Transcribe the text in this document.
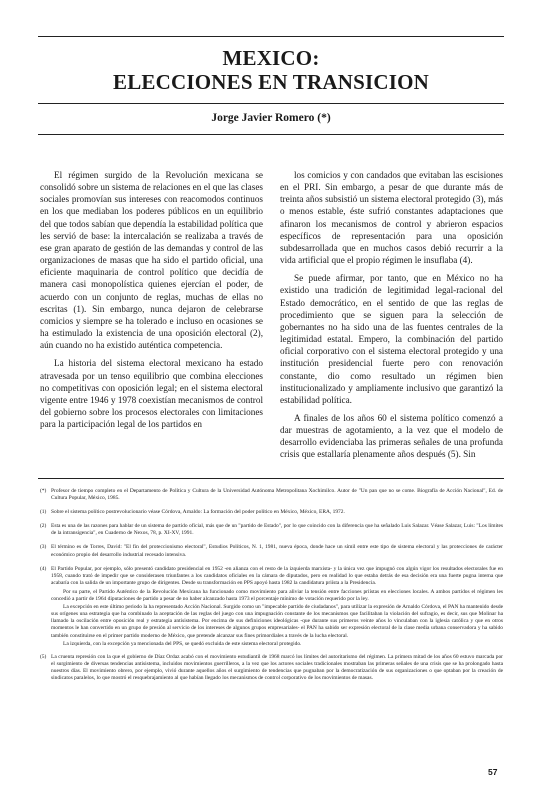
MEXICO:
ELECCIONES EN TRANSICION
Jorge Javier Romero (*)

El régimen surgido de la Revolución mexicana se consolidó sobre un sistema de relaciones en el que las clases sociales promovían sus intereses con reacomodos continuos en los que mediaban los poderes públicos en un equilibrio del que todos sabían que dependía la estabilidad política que les servió de base: la intercalación se realizaba a través de ese gran aparato de gestión de las demandas y control de las organizaciones de masas que ha sido el partido oficial, una eficiente maquinaria de control político que decidía de manera casi monopolística quienes ejercían el poder, de acuerdo con un conjunto de reglas, muchas de ellas no escritas (1). Sin embargo, nunca dejaron de celebrarse comicios y siempre se ha tolerado e incluso en ocasiones se ha estimulado la existencia de una oposición electoral (2), aún cuando no ha existido auténtica competencia.

La historia del sistema electoral mexicano ha estado atravesada por un tenso equilibrio que combina elecciones no competitivas con oposición legal; en el sistema electoral vigente entre 1946 y 1978 coexistían mecanismos de control del gobierno sobre los procesos electorales con limitaciones para la participación legal de los partidos en

los comicios y con candados que evitaban las escisiones en el PRI. Sin embargo, a pesar de que durante más de treinta años subsistió un sistema electoral protegido (3), más o menos estable, éste sufrió constantes adaptaciones que afinaron los mecanismos de control y abrieron espacios específicos de representación para una oposición subdesarrollada que en muchos casos debió recurrir a la vida artificial que el propio régimen le insuflaba (4).

Se puede afirmar, por tanto, que en México no ha existido una tradición de legitimidad legal-racional del Estado democrático, en el sentido de que las reglas de procedimiento que se siguen para la selección de gobernantes no ha sido una de las fuentes centrales de la legitimidad estatal. Empero, la combinación del partido oficial corporativo con el sistema electoral protegido y una institución presidencial fuerte pero con renovación constante, dio como resultado un régimen bien institucionalizado y ampliamente inclusivo que garantizó la estabilidad política.

A finales de los años 60 el sistema político comenzó a dar muestras de agotamiento, a la vez que el modelo de desarrollo evidenciaba las primeras señales de una profunda crisis que estallaría plenamente años después (5). Sin

(*) Profesor de tiempo completo en el Departamento de Política y Cultura de la Universidad Autónoma Metropolitana Xochimilco. Autor de "Un pan que no se come. Biografía de Acción Nacional", Ed. de Cultura Popular, México, 1985.

(1) Sobre el sistema político postrevolucionario véase Córdova, Arnaldo: La formación del poder político en México, México, ERA, 1972.

(2) Esta es una de las razones para hablar de un sistema de partido oficial, más que de un "partido de Estado", por lo que coincido con la diferencia que ha señalado Luis Salazar. Véase Salazar, Luis: "Los límites de la intransigencia", en Cuaderno de Nexos, 78, p. XI-XV, 1991.

(3) El término es de Torres, David: "El fin del proteccionismo electoral", Estudios Políticos, N. 1, 1981, nueva época, donde hace un símil entre este tipo de sistema electoral y las protecciones de carácter económico propio del desarrollo industrial recesado intensiva.

(4) El Partido Popular, por ejemplo, sólo presentó candidato presidencial en 1952 -en alianza con el resto de la izquierda marxista- y la única vez que impugnó con algún vigor los resultados electorales fue en 1958, cuando trató de impedir que se considerasen triunfantes a los candidatos oficiales en la cámara de diputados, pero en realidad lo que estaba detrás de esa decisión era una fuerte pugna interna que acabaría con la salida de un importante grupo de dirigentes. Desde su transformación en PPS apoyó hasta 1982 la candidatura priísta a la Presidencia.

Por su parte, el Partido Auténtico de la Revolución Mexicana ha funcionado como movimiento para aliviar la tensión entre facciones priístas en elecciones locales. A ambos partidos el régimen les concedió a partir de 1964 diputaciones de partido a pesar de no haber alcanzado hasta 1973 el porcentaje mínimo de votación requerido por la ley.

La excepción en este último periodo la ha representado Acción Nacional. Surgido como un "impecable partido de ciudadanos", para utilizar la expresión de Arnaldo Córdova, el PAN ha mantenido desde sus orígenes una estrategia que ha combinado la aceptación de las reglas del juego con una impugnación constante de los mecanismos que facilitaban la violación del sufragio, es decir, sus que Molinar ha llamado la oscilación entre oposición real y estrategia antisistema. Por encima de sus definiciones ideológicas -que durante sus primeros veinte años lo vinculaban con la iglesia católica y que en otros momentos le han convertido en un grupo de presión al servicio de los intereses de algunos grupos empresariales- el PAN ha sabido ser expresión electoral de la clase media urbana conservadora y ha sabido también constituirse en el primer partido moderno de México, que pretende alcanzar sus fines primordiales a través de la lucha electoral.

La izquierda, con la excepción ya mencionada del PPS, se quedó excluida de este sistema electoral protegido.

(5) La cruenta represión con la que el gobierno de Díaz Ordaz acabó con el movimiento estudiantil de 1968 marcó los límites del autoritarismo del régimen. La primera mitad de los años 60 estuvo marcada por el surgimiento de diversas tendencias antisistema, incluidos movimientos guerrilleros, a la vez que los actores sociales tradicionales mostraban las primeras señales de una crisis que se ha prolongado hasta nuestros días. El movimiento obrero, por ejemplo, vivió durante aquellos años el surgimiento de tendencias que pugnaban por la democratización de sus organizaciones o que optaban por la creación de sindicatos paralelos, lo que mostró el resquebrajamiento al que habían llegado los mecanismos de control corporativo de los movimientos de masas.

57
